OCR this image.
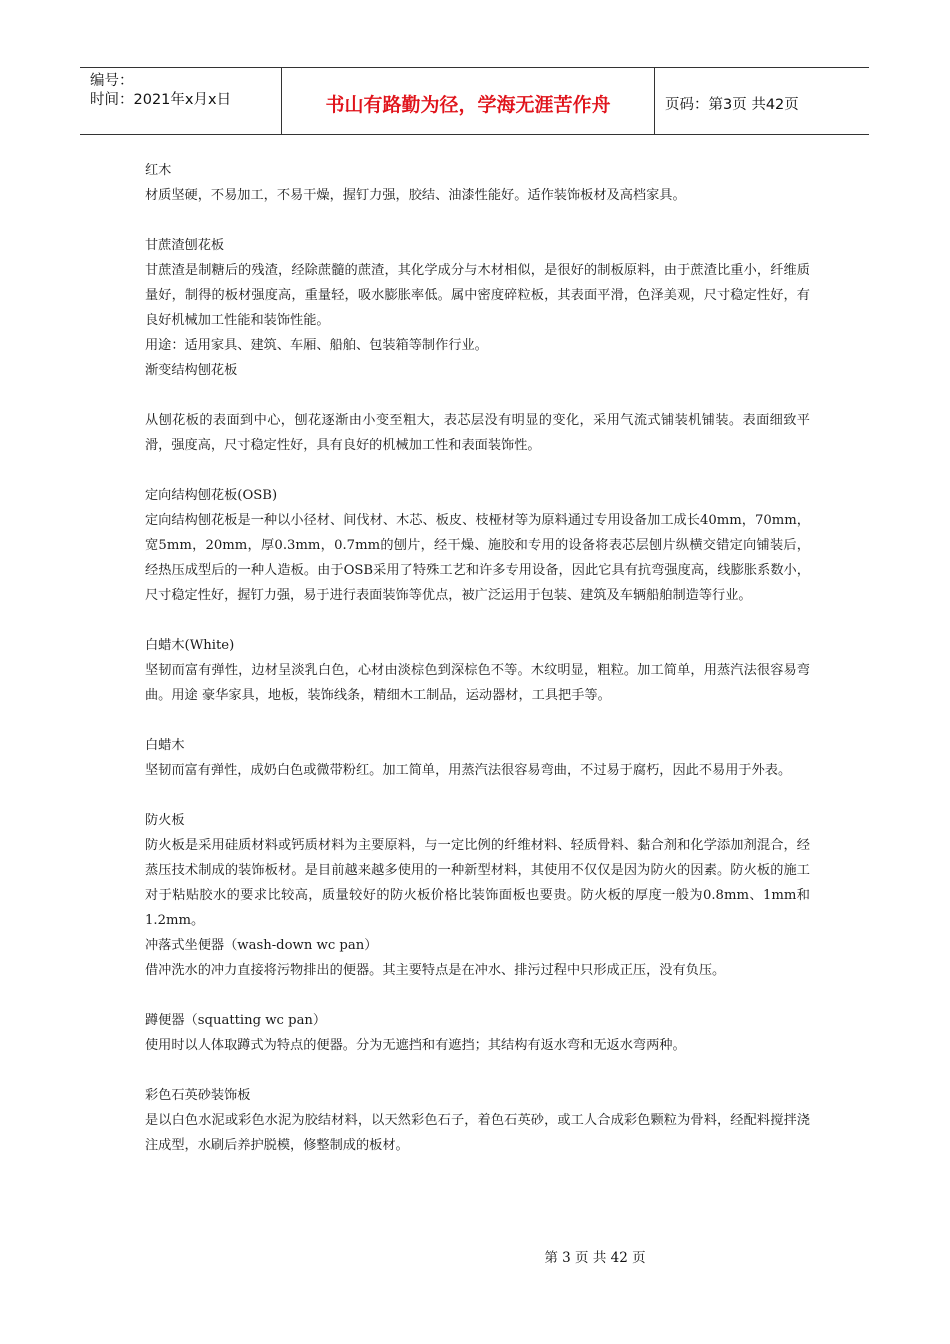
编号：
时间：2021年x月x日	书山有路勤为径，学海无涯苦作舟	页码：第3页 共42页

红木

材质坚硬，不易加工，不易干燥，握钉力强，胶结、油漆性能好。适作装饰板材及高档家具。

甘蔗渣刨花板

甘蔗渣是制糖后的残渣，经除蔗髓的蔗渣，其化学成分与木材相似，是很好的制板原料，由于蔗渣比重小，纤维质量好，制得的板材强度高，重量轻，吸水膨胀率低。属中密度碎粒板，其表面平滑，色泽美观，尺寸稳定性好，有良好机械加工性能和装饰性能。

用途：适用家具、建筑、车厢、船舶、包装箱等制作行业。

渐变结构刨花板

从刨花板的表面到中心，刨花逐渐由小变至粗大，表芯层没有明显的变化，采用气流式铺装机铺装。表面细致平滑，强度高，尺寸稳定性好，具有良好的机械加工性和表面装饰性。

定向结构刨花板(OSB)

定向结构刨花板是一种以小径材、间伐材、木芯、板皮、枝桠材等为原料通过专用设备加工成长40mm，70mm，宽5mm，20mm，厚0.3mm，0.7mm的刨片，经干燥、施胶和专用的设备将表芯层刨片纵横交错定向铺装后，经热压成型后的一种人造板。由于OSB采用了特殊工艺和许多专用设备，因此它具有抗弯强度高，线膨胀系数小，尺寸稳定性好，握钉力强，易于进行表面装饰等优点，被广泛运用于包装、建筑及车辆船舶制造等行业。

白蜡木(White)

坚韧而富有弹性，边材呈淡乳白色，心材由淡棕色到深棕色不等。木纹明显，粗粒。加工简单，用蒸汽法很容易弯曲。用途 豪华家具，地板，装饰线条，精细木工制品，运动器材，工具把手等。

白蜡木

坚韧而富有弹性，成奶白色或微带粉红。加工简单，用蒸汽法很容易弯曲，不过易于腐朽，因此不易用于外表。

防火板

防火板是采用硅质材料或钙质材料为主要原料，与一定比例的纤维材料、轻质骨料、黏合剂和化学添加剂混合，经蒸压技术制成的装饰板材。是目前越来越多使用的一种新型材料，其使用不仅仅是因为防火的因素。防火板的施工对于粘贴胶水的要求比较高，质量较好的防火板价格比装饰面板也要贵。防火板的厚度一般为0.8mm、1mm和1.2mm。

冲落式坐便器（wash-down wc pan）

借冲洗水的冲力直接将污物排出的便器。其主要特点是在冲水、排污过程中只形成正压，没有负压。

蹲便器（squatting wc pan）

使用时以人体取蹲式为特点的便器。分为无遮挡和有遮挡；其结构有返水弯和无返水弯两种。

彩色石英砂装饰板

是以白色水泥或彩色水泥为胶结材料，以天然彩色石子，着色石英砂，或工人合成彩色颗粒为骨料，经配料搅拌浇注成型，水刷后养护脱模，修整制成的板材。

第 3 页 共 42 页
